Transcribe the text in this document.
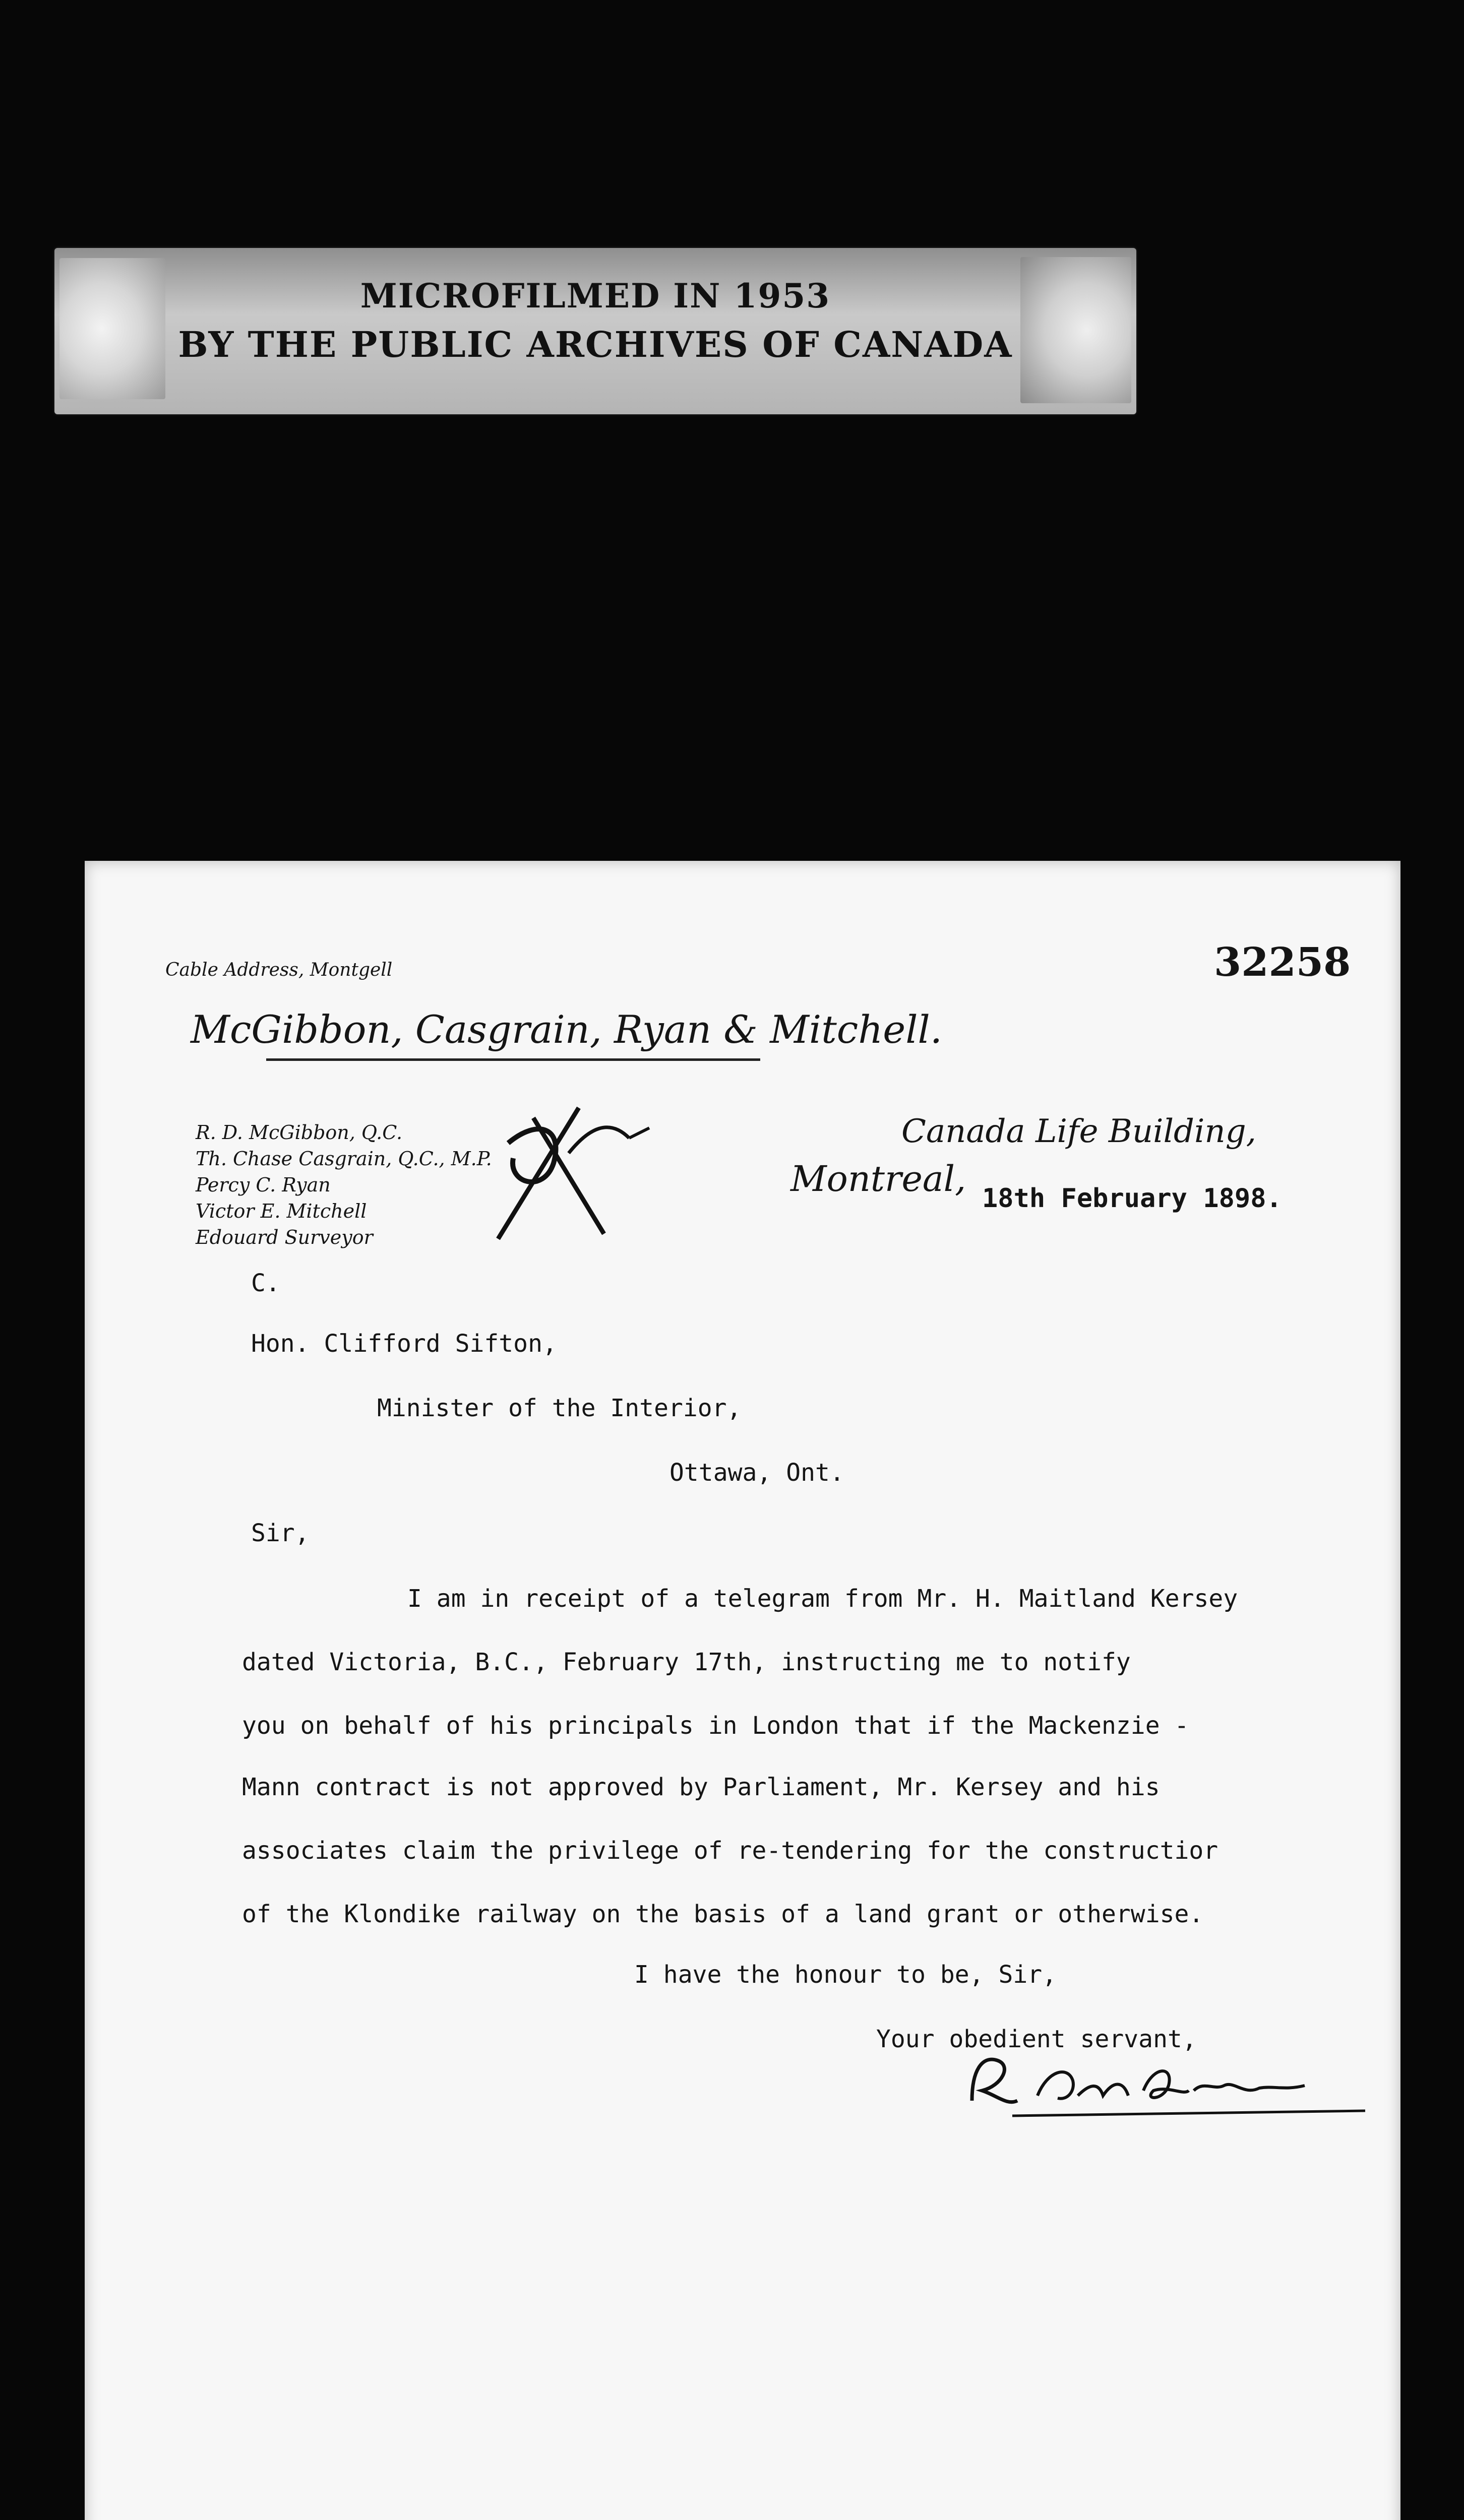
MICROFILMED IN 1953
BY THE PUBLIC ARCHIVES OF CANADA
32258
Cable Address, Montgell
McGibbon, Casgrain, Ryan & Mitchell.
R. D. McGibbon, Q.C.
Th. Chase Casgrain, Q.C., M.P.
Percy C. Ryan
Victor E. Mitchell
Edouard Surveyor
Canada Life Building,
Montreal, 18th February 1898.
C.
Hon. Clifford Sifton,
Minister of the Interior,
Ottawa, Ont.
Sir,
I am in receipt of a telegram from Mr. H. Maitland Kersey
dated Victoria, B.C., February 17th, instructing me to notify
you on behalf of his principals in London that if the Mackenzie -
Mann contract is not approved by Parliament, Mr. Kersey and his
associates claim the privilege of re-tendering for the constructior
of the Klondike railway on the basis of a land grant or otherwise.
I have the honour to be, Sir,
Your obedient servant,
